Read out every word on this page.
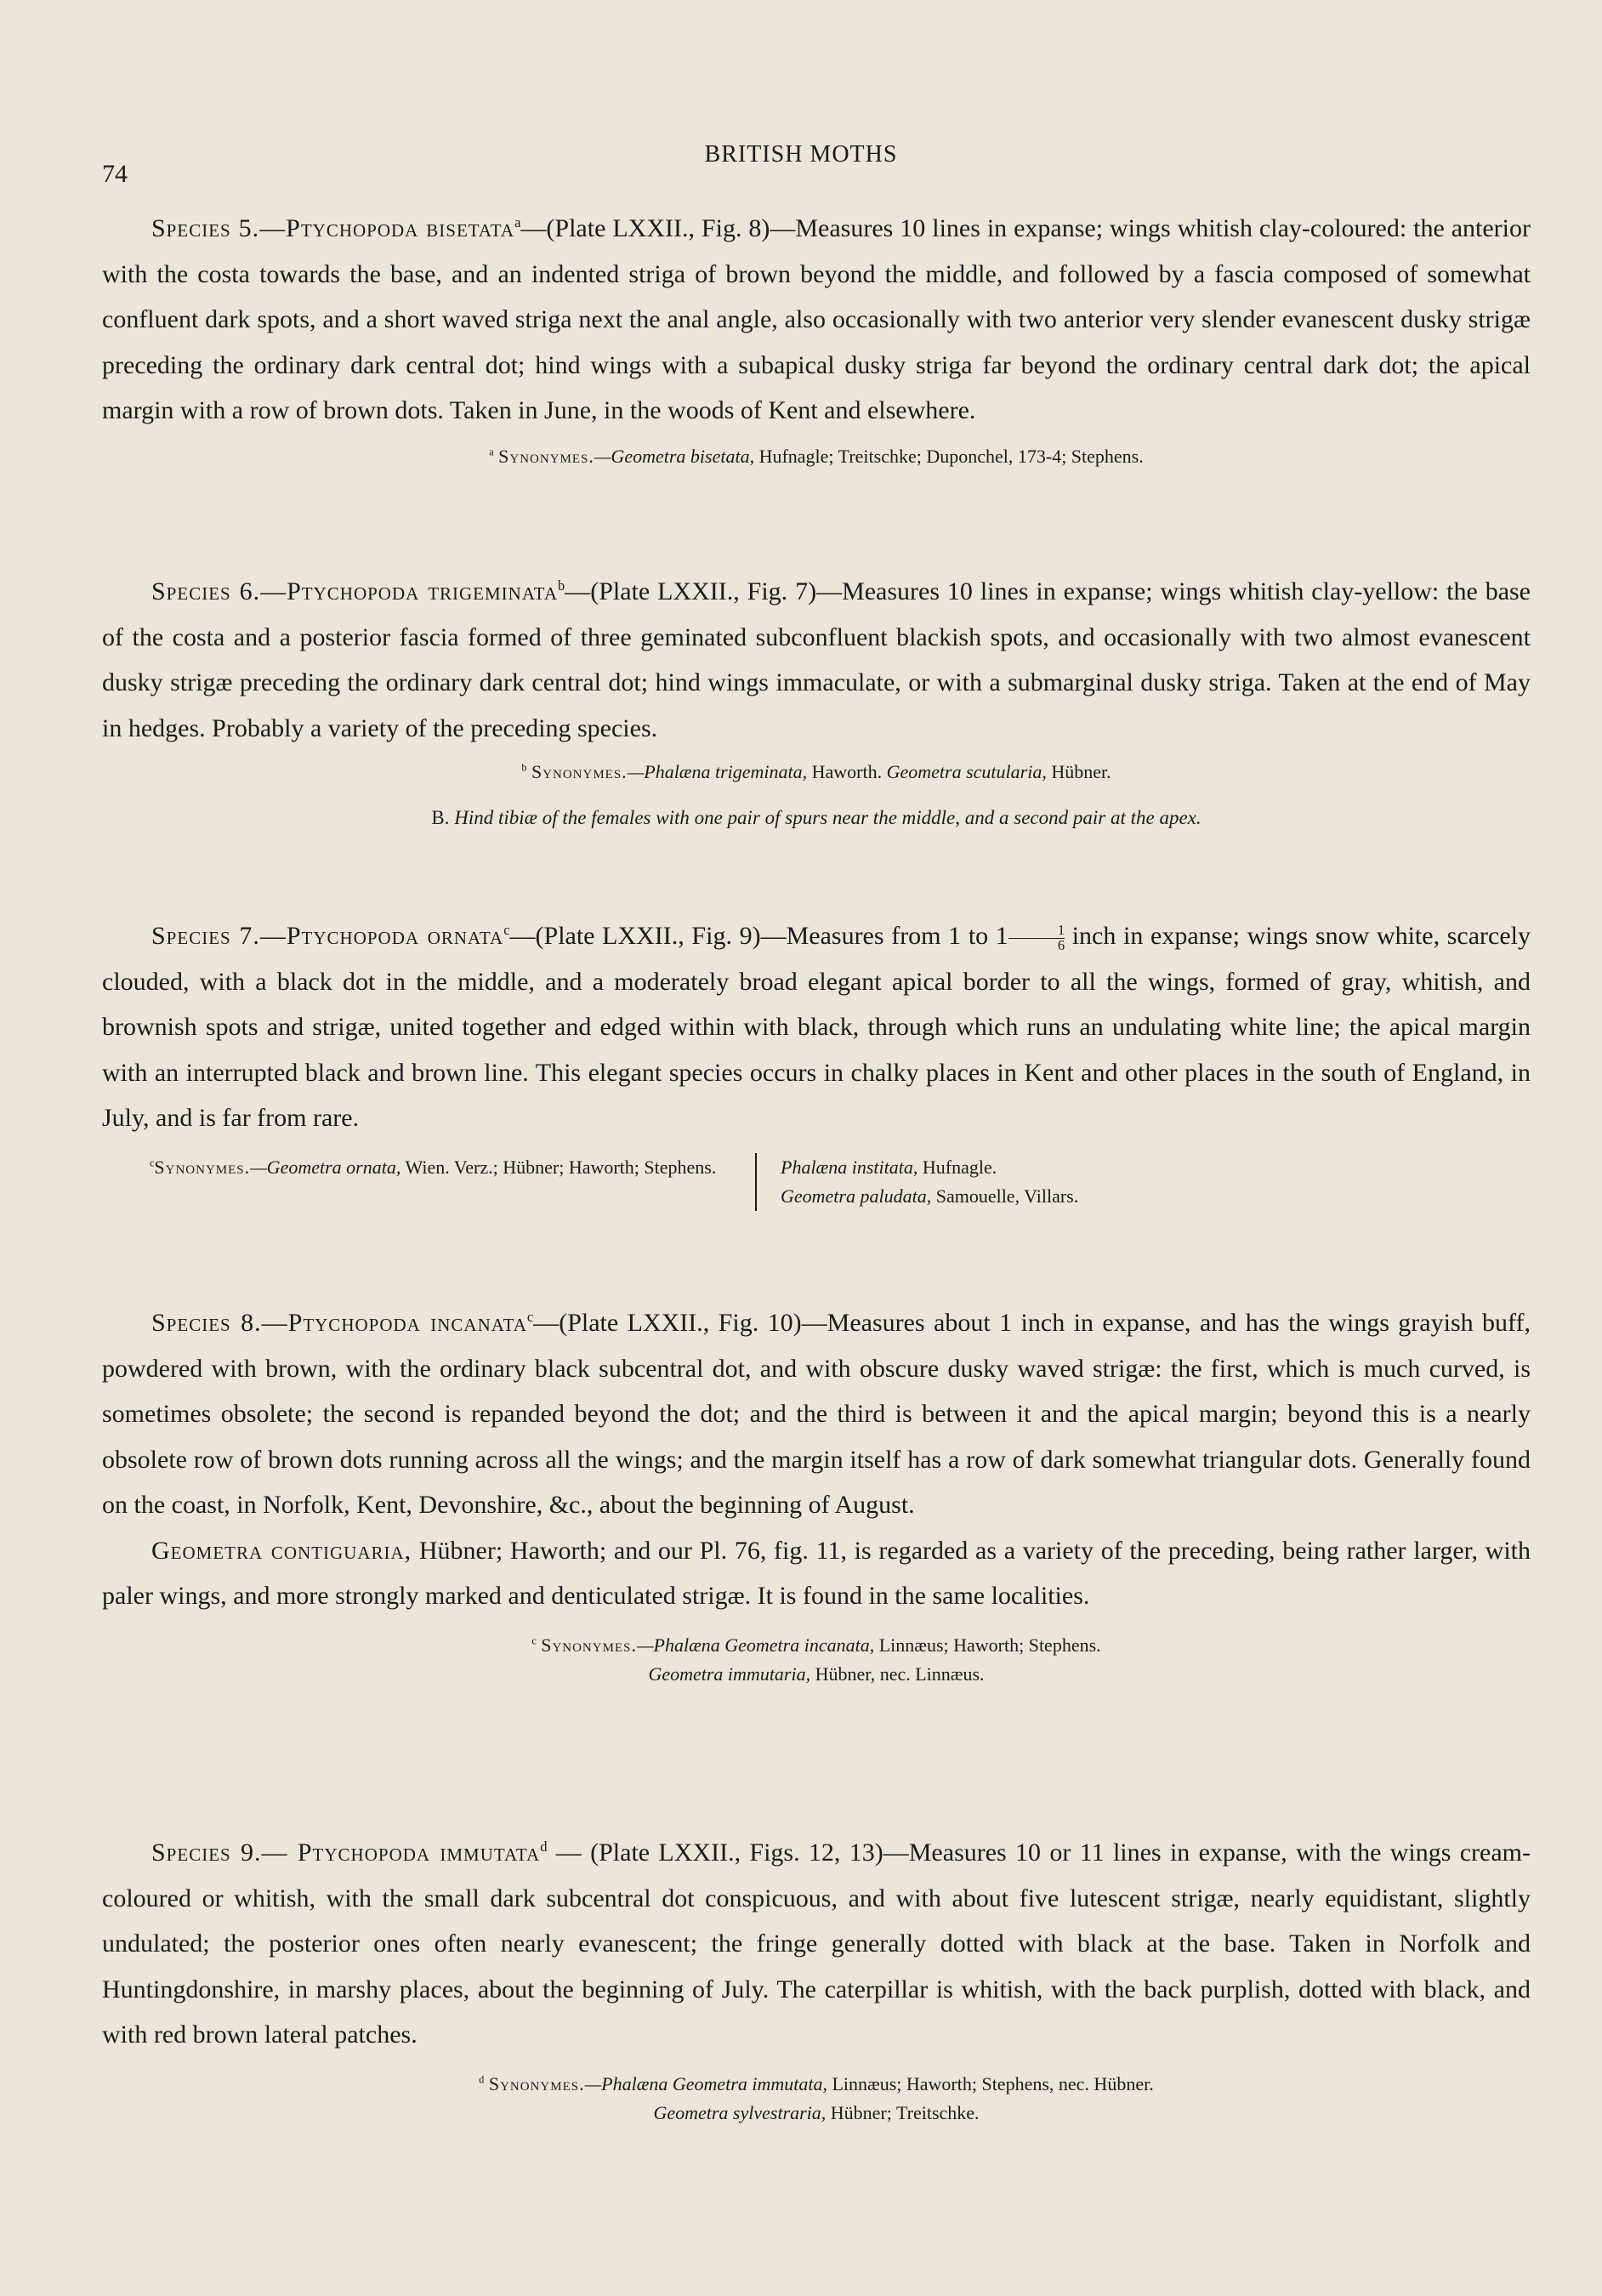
74
BRITISH MOTHS

Species 5.—Ptychopoda bisetata$^a$—(Plate LXXII., Fig. 8)—Measures 10 lines in expanse; wings whitish clay-coloured: the anterior with the costa towards the base, and an indented striga of brown beyond the middle, and followed by a fascia composed of somewhat confluent dark spots, and a short waved striga next the anal angle, also occasionally with two anterior very slender evanescent dusky strigæ preceding the ordinary dark central dot; hind wings with a subapical dusky striga far beyond the ordinary central dark dot; the apical margin with a row of brown dots. Taken in June, in the woods of Kent and elsewhere.

$^a$ Synonymes.—Geometra bisetata, Hufnagle; Treitschke; Duponchel, 173-4; Stephens.

Species 6.—Ptychopoda trigeminata$^b$—(Plate LXXII., Fig. 7)—Measures 10 lines in expanse; wings whitish clay-yellow: the base of the costa and a posterior fascia formed of three geminated subconfluent blackish spots, and occasionally with two almost evanescent dusky strigæ preceding the ordinary dark central dot; hind wings immaculate, or with a submarginal dusky striga. Taken at the end of May in hedges. Probably a variety of the preceding species.

$^b$ Synonymes.—Phalæna trigeminata, Haworth. Geometra scutularia, Hübner.

B. Hind tibiæ of the females with one pair of spurs near the middle, and a second pair at the apex.

Species 7.—Ptychopoda ornata$^c$—(Plate LXXII., Fig. 9)—Measures from 1 to $1 \frac{1}{6}$ inch in expanse; wings snow white, scarcely clouded, with a black dot in the middle, and a moderately broad elegant apical border to all the wings, formed of gray, whitish, and brownish spots and strigæ, united together and edged within with black, through which runs an undulating white line; the apical margin with an interrupted black and brown line. This elegant species occurs in chalky places in Kent and other places in the south of England, in July, and is far from rare.

$^c$Synonymes.—Geometra ornata, Wien. Verz.; Hübner; Haworth; Stephens.	Phalæna institata, Hufnagle.
Geometra paludata, Samouelle, Villars.

Species 8.—Ptychopoda incanata$^c$—(Plate LXXII., Fig. 10)—Measures about 1 inch in expanse, and has the wings grayish buff, powdered with brown, with the ordinary black subcentral dot, and with obscure dusky waved strigæ: the first, which is much curved, is sometimes obsolete; the second is repanded beyond the dot; and the third is between it and the apical margin; beyond this is a nearly obsolete row of brown dots running across all the wings; and the margin itself has a row of dark somewhat triangular dots. Generally found on the coast, in Norfolk, Kent, Devonshire, &c., about the beginning of August.

Geometra contiguaria, Hübner; Haworth; and our Pl. 76, fig. 11, is regarded as a variety of the preceding, being rather larger, with paler wings, and more strongly marked and denticulated strigæ. It is found in the same localities.

$^c$ Synonymes.—Phalæna Geometra incanata, Linnæus; Haworth; Stephens.
Geometra immutaria, Hübner, nec. Linnæus.

Species 9.— Ptychopoda immutata$^d$ — (Plate LXXII., Figs. 12, 13)—Measures 10 or 11 lines in expanse, with the wings cream-coloured or whitish, with the small dark subcentral dot conspicuous, and with about five lutescent strigæ, nearly equidistant, slightly undulated; the posterior ones often nearly evanescent; the fringe generally dotted with black at the base. Taken in Norfolk and Huntingdonshire, in marshy places, about the beginning of July. The caterpillar is whitish, with the back purplish, dotted with black, and with red brown lateral patches.

$^d$ Synonymes.—Phalæna Geometra immutata, Linnæus; Haworth; Stephens, nec. Hübner.
Geometra sylvestraria, Hübner; Treitschke.
